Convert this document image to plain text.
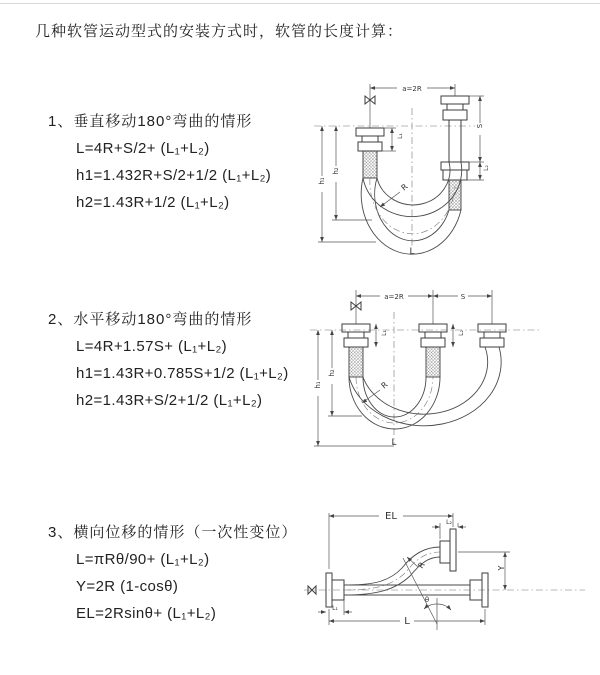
几种软管运动型式的安装方式时，软管的长度计算：
1、垂直移动180°弯曲的情形
L=4R+S/2+ (L₁+L₂)
h1=1.432R+S/2+1/2 (L₁+L₂)
h2=1.43R+1/2 (L₁+L₂)
2、水平移动180°弯曲的情形
L=4R+1.57S+ (L₁+L₂)
h1=1.43R+0.785S+1/2 (L₁+L₂)
h2=1.43R+S/2+1/2 (L₁+L₂)
3、横向位移的情形（一次性变位）
L=πRθ/90+ (L₁+L₂)
Y=2R (1-cosθ)
EL=2Rsinθ+ (L₁+L₂)
a=2R
S
L₂
L₁
h₁
h₂
R
L
a=2R	S
L₁	L₂
h₁
h₂
R
L
EL
L₂
Y
θ
R
L
L₁
